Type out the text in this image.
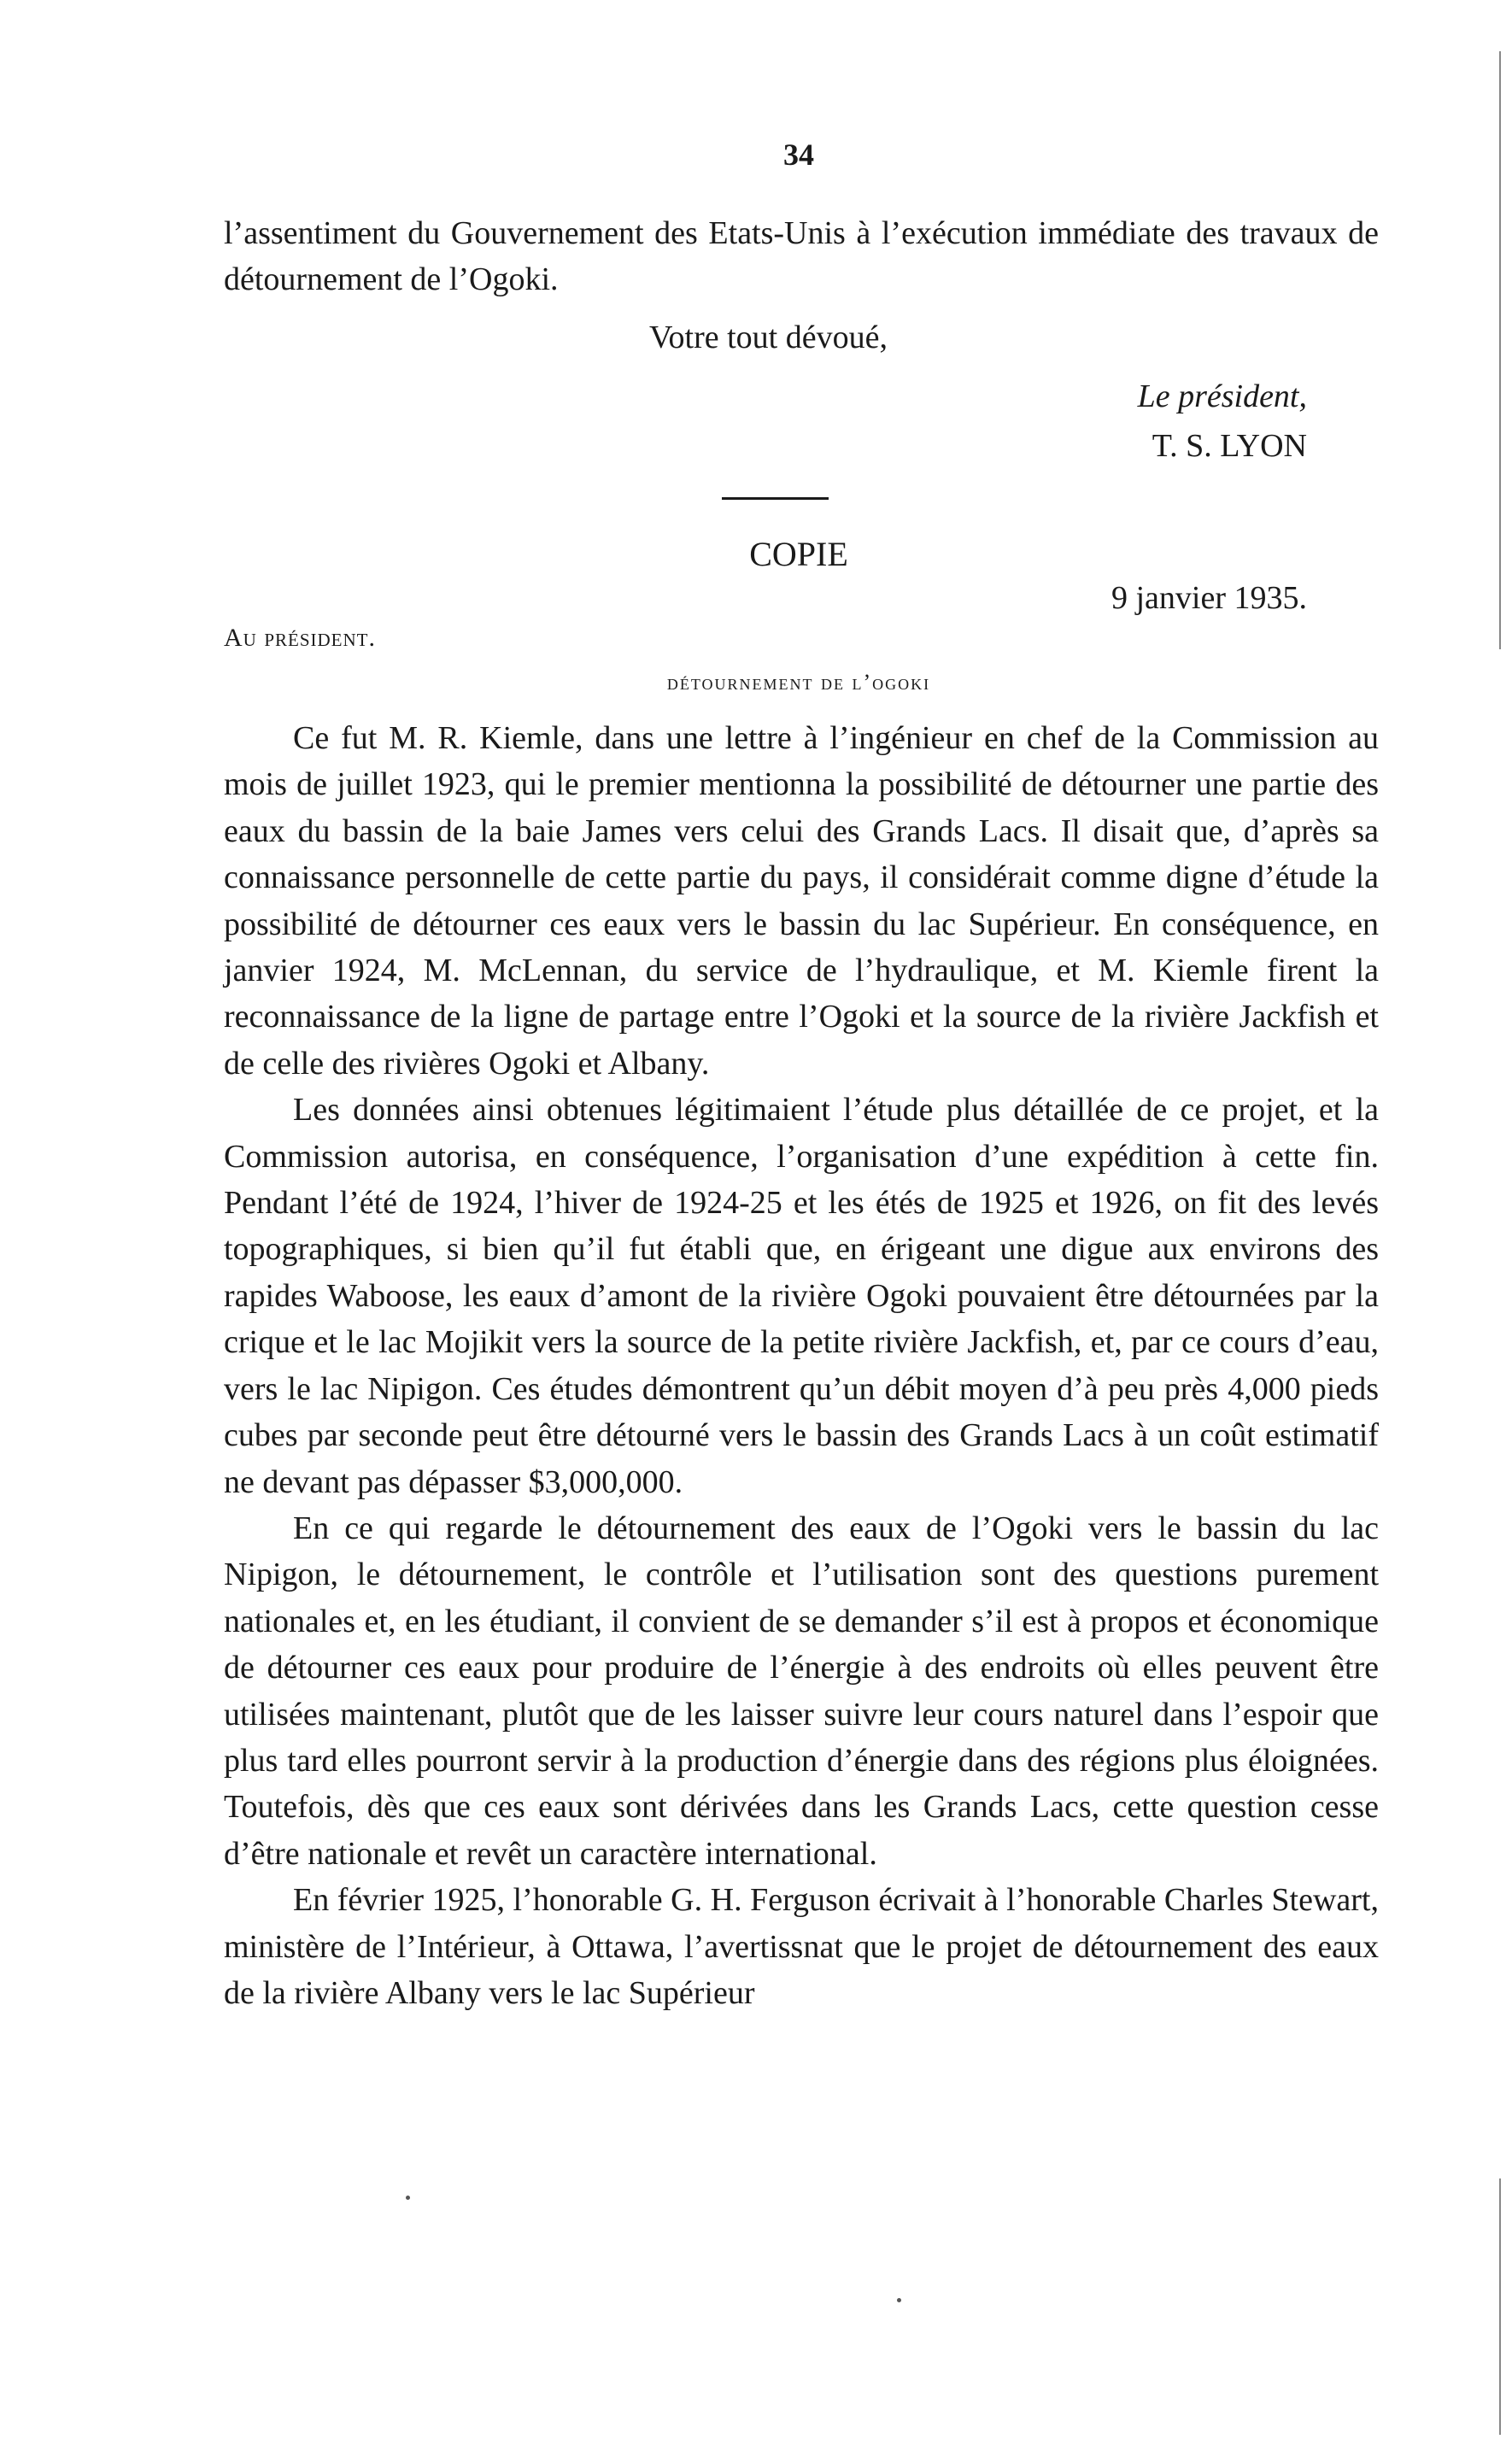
34

l’assentiment du Gouvernement des Etats-Unis à l’exécution immédiate des travaux de détournement de l’Ogoki.

Votre tout dévoué,
Le président,
T. S. LYON
COPIE
9 janvier 1935.
Au président.
détournement de l’ogoki

Ce fut M. R. Kiemle, dans une lettre à l’ingénieur en chef de la Commission au mois de juillet 1923, qui le premier mentionna la possibilité de détourner une partie des eaux du bassin de la baie James vers celui des Grands Lacs. Il disait que, d’après sa connaissance personnelle de cette partie du pays, il considérait comme digne d’étude la possibilité de détourner ces eaux vers le bassin du lac Supérieur. En conséquence, en janvier 1924, M. McLennan, du service de l’hydraulique, et M. Kiemle firent la reconnaissance de la ligne de partage entre l’Ogoki et la source de la rivière Jackfish et de celle des rivières Ogoki et Albany.

Les données ainsi obtenues légitimaient l’étude plus détaillée de ce projet, et la Commission autorisa, en conséquence, l’organisation d’une expédition à cette fin. Pendant l’été de 1924, l’hiver de 1924-25 et les étés de 1925 et 1926, on fit des levés topographiques, si bien qu’il fut établi que, en érigeant une digue aux environs des rapides Waboose, les eaux d’amont de la rivière Ogoki pouvaient être détournées par la crique et le lac Mojikit vers la source de la petite rivière Jackfish, et, par ce cours d’eau, vers le lac Nipigon. Ces études démontrent qu’un débit moyen d’à peu près 4,000 pieds cubes par seconde peut être détourné vers le bassin des Grands Lacs à un coût estimatif ne devant pas dépasser $3,000,000.

En ce qui regarde le détournement des eaux de l’Ogoki vers le bassin du lac Nipigon, le détournement, le contrôle et l’utilisation sont des questions purement nationales et, en les étudiant, il convient de se demander s’il est à propos et économique de détourner ces eaux pour produire de l’énergie à des endroits où elles peuvent être utilisées maintenant, plutôt que de les laisser suivre leur cours naturel dans l’espoir que plus tard elles pourront servir à la production d’énergie dans des régions plus éloignées. Toutefois, dès que ces eaux sont dérivées dans les Grands Lacs, cette question cesse d’être nationale et revêt un caractère international.

En février 1925, l’honorable G. H. Ferguson écrivait à l’honorable Charles Stewart, ministère de l’Intérieur, à Ottawa, l’avertissnat que le projet de détournement des eaux de la rivière Albany vers le lac Supérieur
